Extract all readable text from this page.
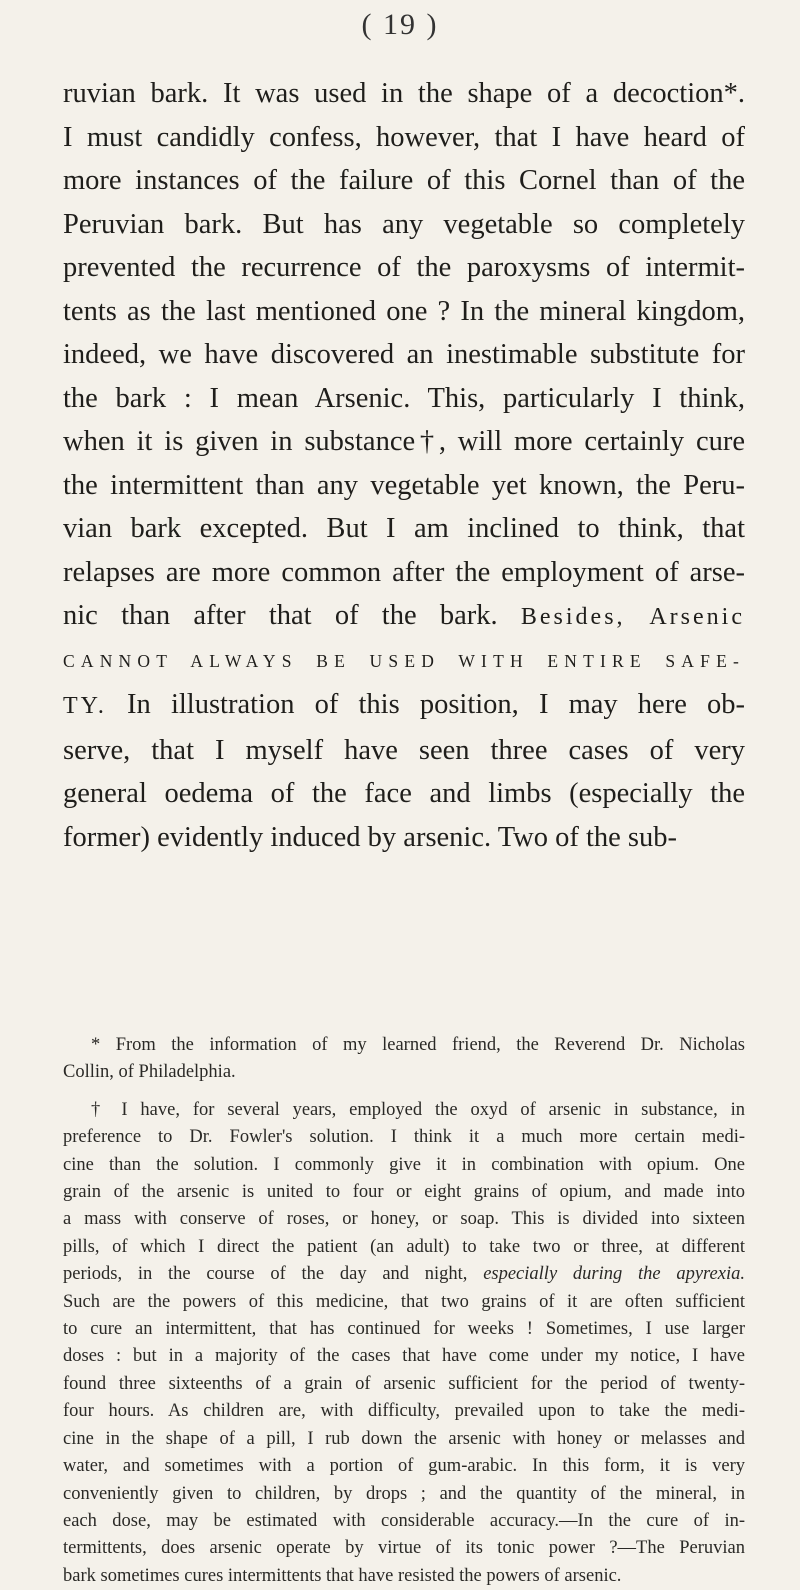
( 19 )
ruvian bark. It was used in the shape of a decoction*.
I must candidly confess, however, that I have heard of
more instances of the failure of this Cornel than of the
Peruvian bark. But has any vegetable so completely
prevented the recurrence of the paroxysms of intermit-
tents as the last mentioned one ? In the mineral kingdom,
indeed, we have discovered an inestimable substitute for
the bark : I mean Arsenic. This, particularly I think,
when it is given in substance†, will more certainly cure
the intermittent than any vegetable yet known, the Peru-
vian bark excepted. But I am inclined to think, that
relapses are more common after the employment of arse-
nic than after that of the bark. Besides, Arsenic
CANNOT ALWAYS BE USED WITH ENTIRE SAFE-
TY. In illustration of this position, I may here ob-
serve, that I myself have seen three cases of very
general oedema of the face and limbs (especially the
former) evidently induced by arsenic. Two of the sub-
* From the information of my learned friend, the Reverend Dr. Nicholas
Collin, of Philadelphia.
† I have, for several years, employed the oxyd of arsenic in substance, in
preference to Dr. Fowler's solution. I think it a much more certain medi-
cine than the solution. I commonly give it in combination with opium. One
grain of the arsenic is united to four or eight grains of opium, and made into
a mass with conserve of roses, or honey, or soap. This is divided into sixteen
pills, of which I direct the patient (an adult) to take two or three, at different
periods, in the course of the day and night, especially during the apyrexia.
Such are the powers of this medicine, that two grains of it are often sufficient
to cure an intermittent, that has continued for weeks ! Sometimes, I use larger
doses : but in a majority of the cases that have come under my notice, I have
found three sixteenths of a grain of arsenic sufficient for the period of twenty-
four hours. As children are, with difficulty, prevailed upon to take the medi-
cine in the shape of a pill, I rub down the arsenic with honey or melasses and
water, and sometimes with a portion of gum-arabic. In this form, it is very
conveniently given to children, by drops ; and the quantity of the mineral, in
each dose, may be estimated with considerable accuracy.—In the cure of in-
termittents, does arsenic operate by virtue of its tonic power ?—The Peruvian
bark sometimes cures intermittents that have resisted the powers of arsenic.
